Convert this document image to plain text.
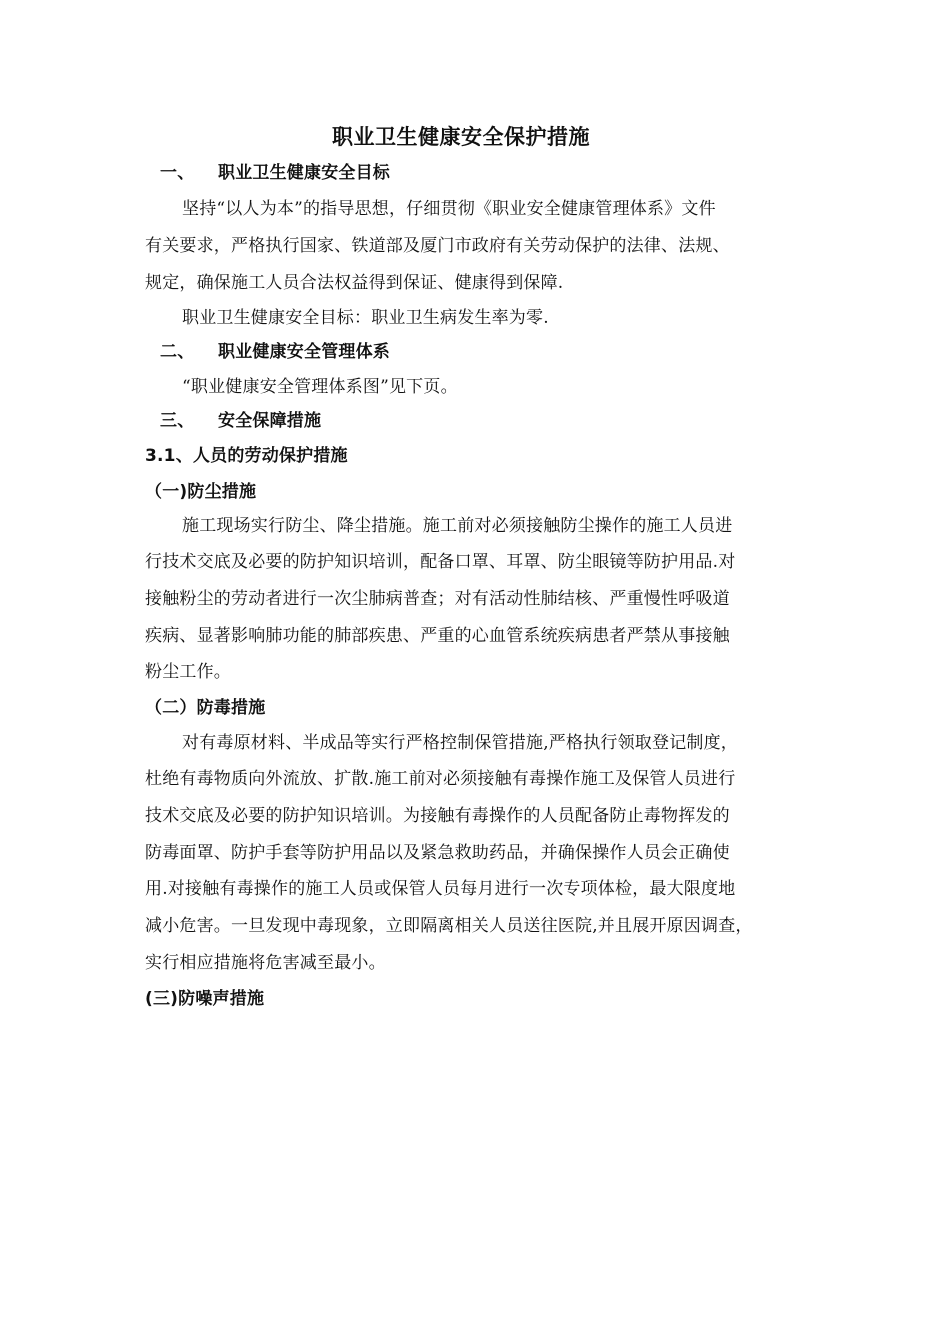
职业卫生健康安全保护措施

一、 职业卫生健康安全目标

坚持“以人为本”的指导思想，仔细贯彻《职业安全健康管理体系》文件

有关要求，严格执行国家、铁道部及厦门市政府有关劳动保护的法律、法规、

规定，确保施工人员合法权益得到保证、健康得到保障.

职业卫生健康安全目标：职业卫生病发生率为零.

二、 职业健康安全管理体系

“职业健康安全管理体系图”见下页。

三、 安全保障措施

3.1、人员的劳动保护措施

（一)防尘措施

施工现场实行防尘、降尘措施。施工前对必须接触防尘操作的施工人员进

行技术交底及必要的防护知识培训，配备口罩、耳罩、防尘眼镜等防护用品.对

接触粉尘的劳动者进行一次尘肺病普查；对有活动性肺结核、严重慢性呼吸道

疾病、显著影响肺功能的肺部疾患、严重的心血管系统疾病患者严禁从事接触

粉尘工作。

（二）防毒措施

对有毒原材料、半成品等实行严格控制保管措施,严格执行领取登记制度，

杜绝有毒物质向外流放、扩散.施工前对必须接触有毒操作施工及保管人员进行

技术交底及必要的防护知识培训。为接触有毒操作的人员配备防止毒物挥发的

防毒面罩、防护手套等防护用品以及紧急救助药品，并确保操作人员会正确使

用.对接触有毒操作的施工人员或保管人员每月进行一次专项体检，最大限度地

减小危害。一旦发现中毒现象，立即隔离相关人员送往医院,并且展开原因调查，

实行相应措施将危害减至最小。

(三)防噪声措施
